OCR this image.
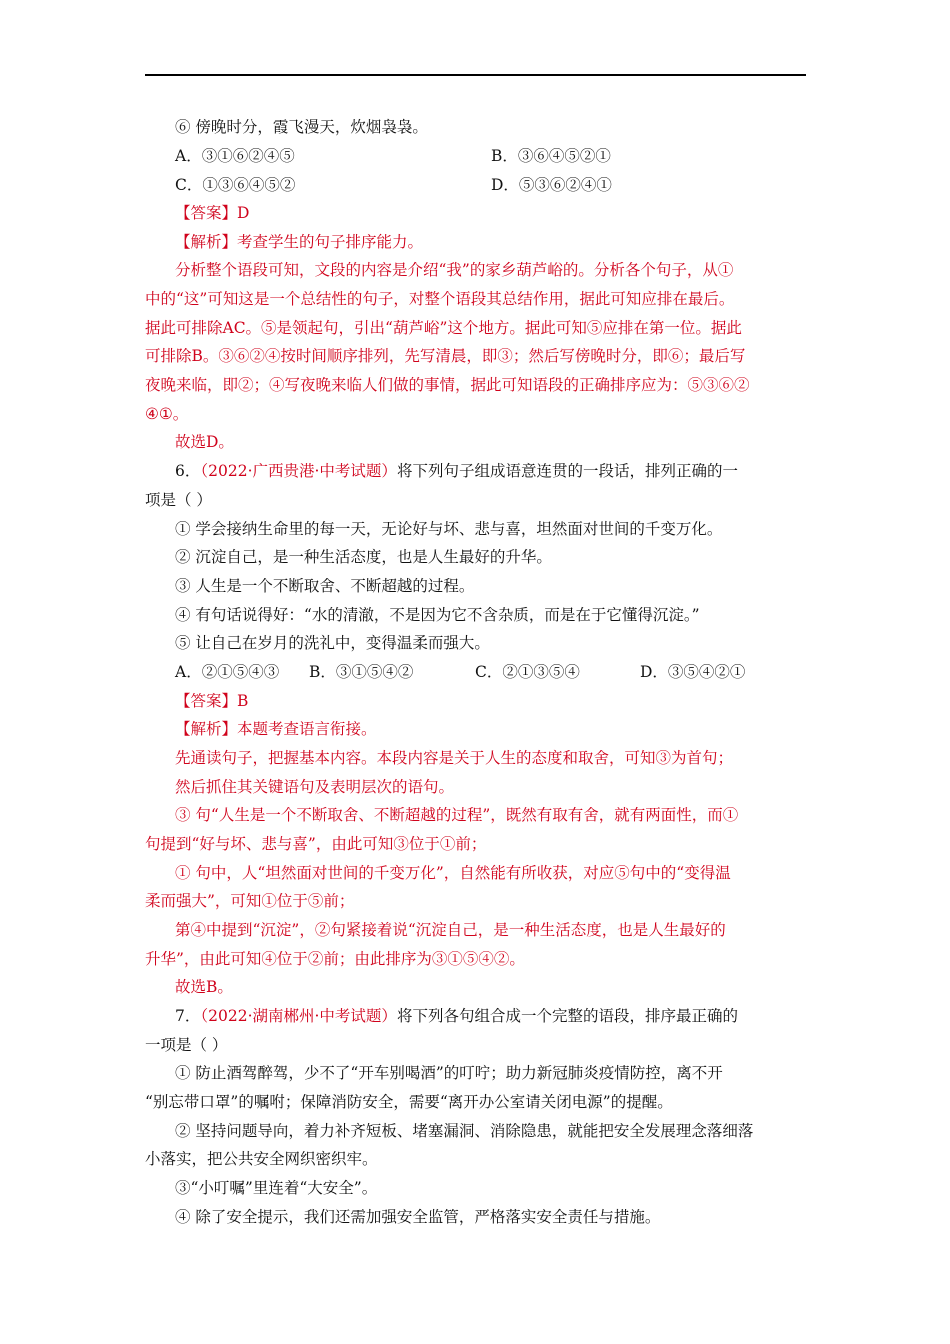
⑥ 傍晚时分，霞飞漫天，炊烟袅袅。
A．③①⑥②④⑤	B．③⑥④⑤②①
C．①③⑥④⑤②	D．⑤③⑥②④①
【答案】D
【解析】考查学生的句子排序能力。
分析整个语段可知，文段的内容是介绍“我”的家乡葫芦峪的。分析各个句子，从①
中的“这”可知这是一个总结性的句子，对整个语段其总结作用，据此可知应排在最后。
据此可排除AC。⑤是领起句，引出“葫芦峪”这个地方。据此可知⑤应排在第一位。据此
可排除B。③⑥②④按时间顺序排列，先写清晨，即③；然后写傍晚时分，即⑥；最后写
夜晚来临，即②；④写夜晚来临人们做的事情，据此可知语段的正确排序应为：⑤③⑥②
④①。
故选D。
6．（2022·广西贵港·中考试题）将下列句子组成语意连贯的一段话，排列正确的一
项是（ ）
① 学会接纳生命里的每一天，无论好与坏、悲与喜，坦然面对世间的千变万化。
② 沉淀自己，是一种生活态度，也是人生最好的升华。
③ 人生是一个不断取舍、不断超越的过程。
④ 有句话说得好：“水的清澈，不是因为它不含杂质，而是在于它懂得沉淀。”
⑤ 让自己在岁月的洗礼中，变得温柔而强大。
A．②①⑤④③ B．③①⑤④②	C．②①③⑤④	D．③⑤④②①
【答案】B
【解析】本题考查语言衔接。
先通读句子，把握基本内容。本段内容是关于人生的态度和取舍，可知③为首句；
然后抓住其关键语句及表明层次的语句。
③ 句“人生是一个不断取舍、不断超越的过程”，既然有取有舍，就有两面性，而①
句提到“好与坏、悲与喜”，由此可知③位于①前；
① 句中，人“坦然面对世间的千变万化”，自然能有所收获，对应⑤句中的“变得温
柔而强大”，可知①位于⑤前；
第④中提到“沉淀”，②句紧接着说“沉淀自己，是一种生活态度，也是人生最好的
升华”，由此可知④位于②前；由此排序为③①⑤④②。
故选B。
7．（2022·湖南郴州·中考试题）将下列各句组合成一个完整的语段，排序最正确的
一项是（ ）
① 防止酒驾醉驾，少不了“开车别喝酒”的叮咛；助力新冠肺炎疫情防控，离不开
“别忘带口罩”的嘱咐；保障消防安全，需要“离开办公室请关闭电源”的提醒。
② 坚持问题导向，着力补齐短板、堵塞漏洞、消除隐患，就能把安全发展理念落细落
小落实，把公共安全网织密织牢。
③“小叮嘱”里连着“大安全”。
④ 除了安全提示，我们还需加强安全监管，严格落实安全责任与措施。
